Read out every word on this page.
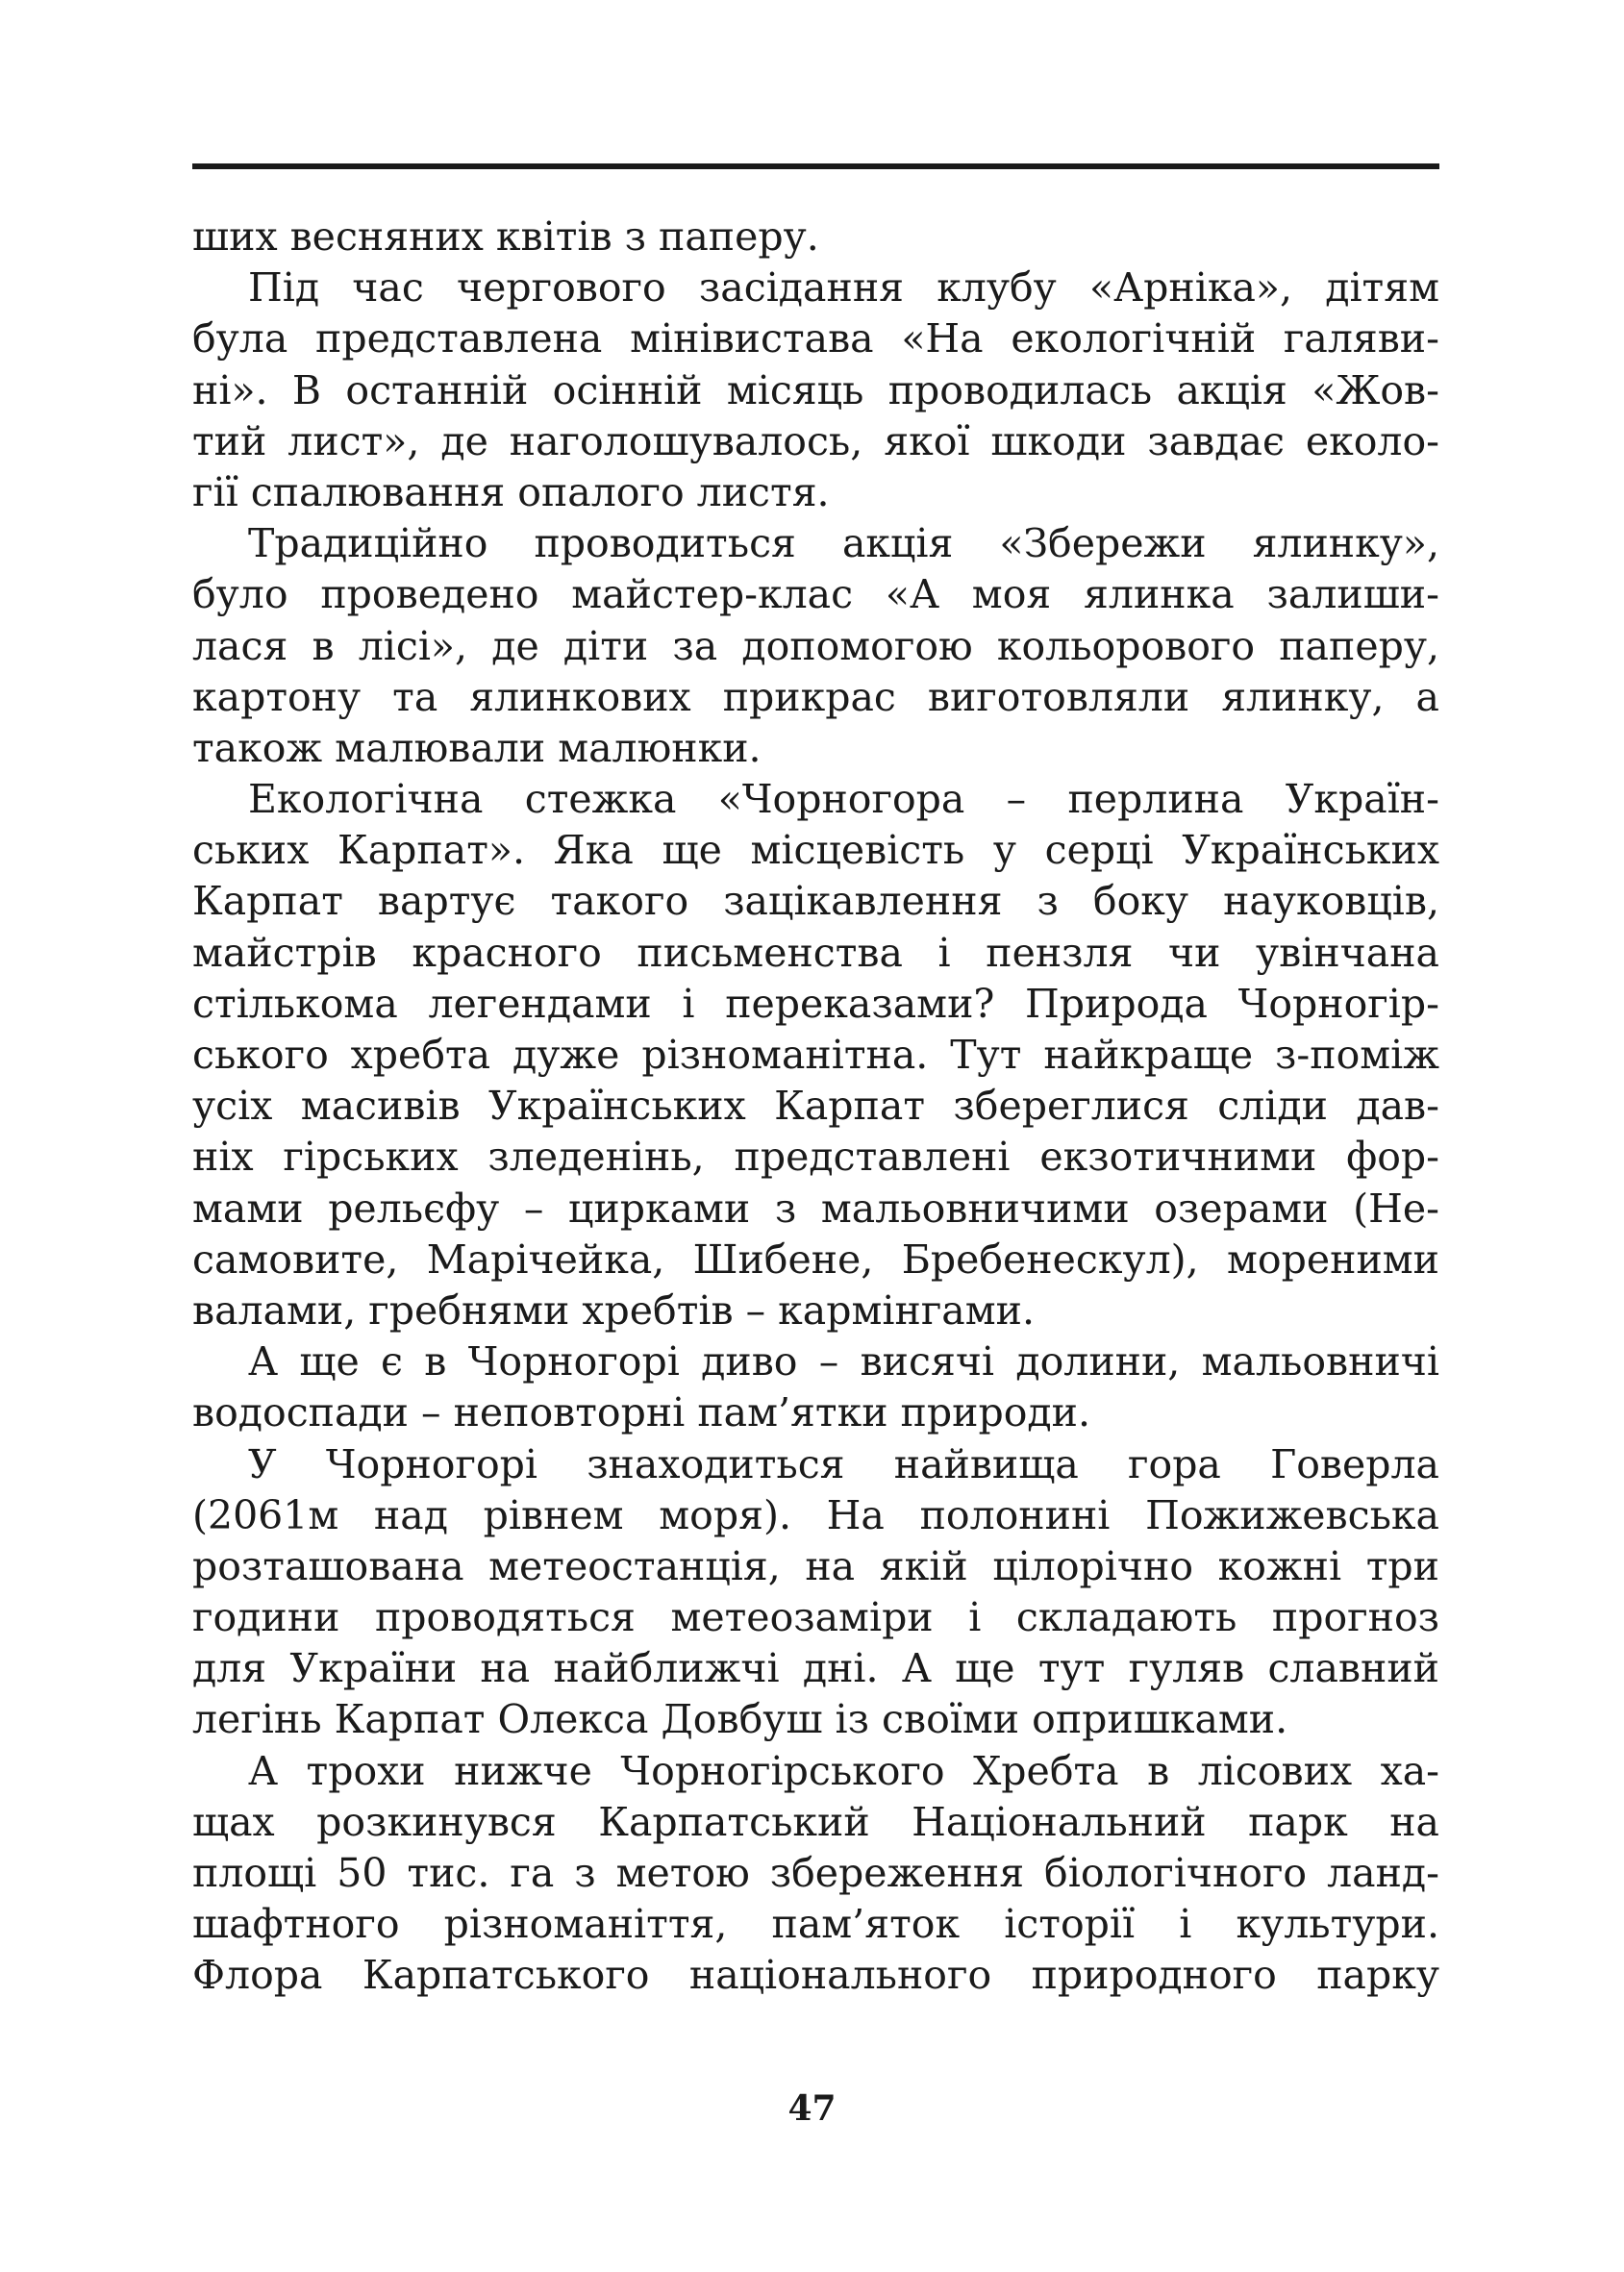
ших весняних квітів з паперу.
Під час чергового засідання клубу «Арніка», дітям
була представлена мінівистава «На екологічній галяви-
ні». В останній осінній місяць проводилась акція «Жов-
тий лист», де наголошувалось, якої шкоди завдає еколо-
гії спалювання опалого листя.
Традиційно проводиться акція «Збережи ялинку»,
було проведено майстер-клас «А моя ялинка залиши-
лася в лісі», де діти за допомогою кольорового паперу,
картону та ялинкових прикрас виготовляли ялинку, а
також малювали малюнки.
Екологічна стежка «Чорногора – перлина Україн-
ських Карпат». Яка ще місцевість у серці Українських
Карпат вартує такого зацікавлення з боку науковців,
майстрів красного письменства і пензля чи увінчана
стількома легендами і переказами? Природа Чорногір-
ського хребта дуже різноманітна. Тут найкраще з-поміж
усіх масивів Українських Карпат збереглися сліди дав-
ніх гірських зледенінь, представлені екзотичними фор-
мами рельєфу – цирками з мальовничими озерами (Не-
самовите, Марічейка, Шибене, Бребенескул), мореними
валами, гребнями хребтів – кармінгами.
А ще є в Чорногорі диво – висячі долини, мальовничі
водоспади – неповторні пам’ятки природи.
У Чорногорі знаходиться найвища гора Говерла
(2061м над рівнем моря). На полонині Пожижевська
розташована метеостанція, на якій цілорічно кожні три
години проводяться метеозаміри і складають прогноз
для України на найближчі дні. А ще тут гуляв славний
легінь Карпат Олекса Довбуш із своїми опришками.
А трохи нижче Чорногірського Хребта в лісових ха-
щах розкинувся Карпатський Національний парк на
площі 50 тис. га з метою збереження біологічного ланд-
шафтного різноманіття, пам’яток історії і культури.
Флора Карпатського національного природного парку
47
